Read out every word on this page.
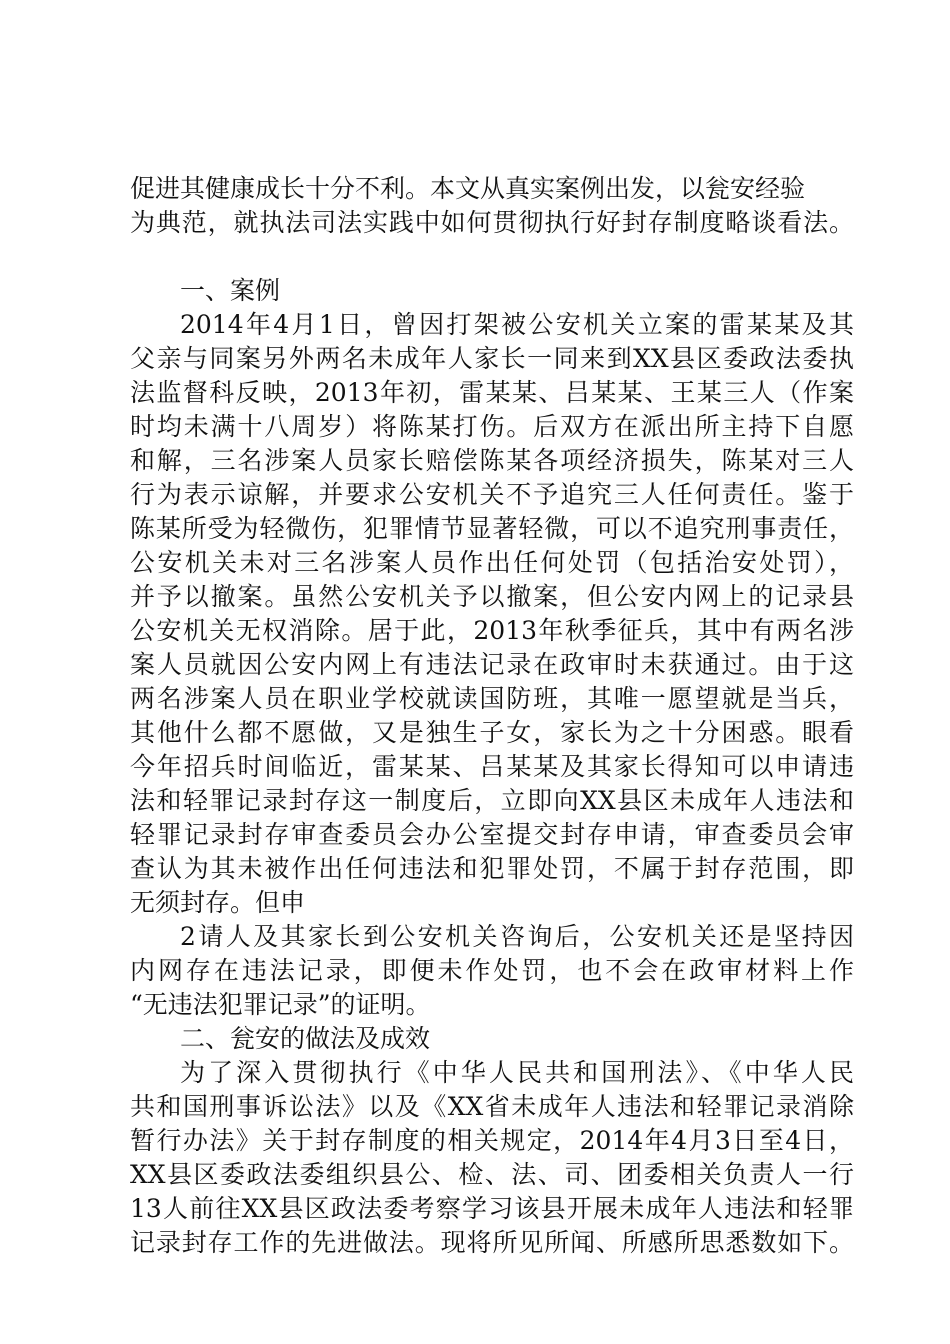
促进其健康成长十分不利。本文从真实案例出发，以瓮安经验
为典范，就执法司法实践中如何贯彻执行好封存制度略谈看法。
一、案例
2014年4月1日，曾因打架被公安机关立案的雷某某及其
父亲与同案另外两名未成年人家长一同来到XX县区委政法委执
法监督科反映，2013年初，雷某某、吕某某、王某三人（作案
时均未满十八周岁）将陈某打伤。后双方在派出所主持下自愿
和解，三名涉案人员家长赔偿陈某各项经济损失，陈某对三人
行为表示谅解，并要求公安机关不予追究三人任何责任。鉴于
陈某所受为轻微伤，犯罪情节显著轻微，可以不追究刑事责任，
公安机关未对三名涉案人员作出任何处罚（包括治安处罚），
并予以撤案。虽然公安机关予以撤案，但公安内网上的记录县
公安机关无权消除。居于此，2013年秋季征兵，其中有两名涉
案人员就因公安内网上有违法记录在政审时未获通过。由于这
两名涉案人员在职业学校就读国防班，其唯一愿望就是当兵，
其他什么都不愿做，又是独生子女，家长为之十分困惑。眼看
今年招兵时间临近，雷某某、吕某某及其家长得知可以申请违
法和轻罪记录封存这一制度后，立即向XX县区未成年人违法和
轻罪记录封存审查委员会办公室提交封存申请，审查委员会审
查认为其未被作出任何违法和犯罪处罚，不属于封存范围，即
无须封存。但申
2请人及其家长到公安机关咨询后，公安机关还是坚持因
内网存在违法记录，即便未作处罚，也不会在政审材料上作
“无违法犯罪记录”的证明。
二、瓮安的做法及成效
为了深入贯彻执行《中华人民共和国刑法》、《中华人民
共和国刑事诉讼法》以及《XX省未成年人违法和轻罪记录消除
暂行办法》关于封存制度的相关规定，2014年4月3日至4日，
XX县区委政法委组织县公、检、法、司、团委相关负责人一行
13人前往XX县区政法委考察学习该县开展未成年人违法和轻罪
记录封存工作的先进做法。现将所见所闻、所感所思悉数如下。
